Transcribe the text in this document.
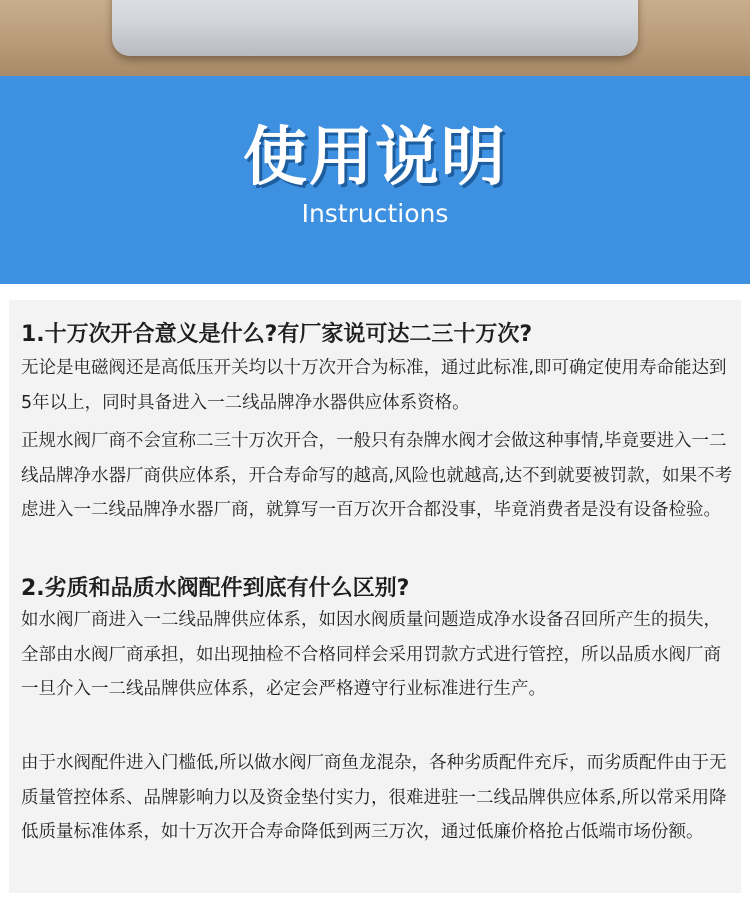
使用说明
Instructions
1.十万次开合意义是什么?有厂家说可达二三十万次?

无论是电磁阀还是高低压开关均以十万次开合为标准，通过此标准,即可确定使用寿命能达到5年以上，同时具备进入一二线品牌净水器供应体系资格。

正规水阀厂商不会宣称二三十万次开合，一般只有杂牌水阀才会做这种事情,毕竟要进入一二线品牌净水器厂商供应体系，开合寿命写的越高,风险也就越高,达不到就要被罚款，如果不考虑进入一二线品牌净水器厂商，就算写一百万次开合都没事，毕竟消费者是没有设备检验。

2.劣质和品质水阀配件到底有什么区别?

如水阀厂商进入一二线品牌供应体系，如因水阀质量问题造成净水设备召回所产生的损失，全部由水阀厂商承担，如出现抽检不合格同样会采用罚款方式进行管控，所以品质水阀厂商一旦介入一二线品牌供应体系，必定会严格遵守行业标准进行生产。

由于水阀配件进入门槛低,所以做水阀厂商鱼龙混杂，各种劣质配件充斥，而劣质配件由于无质量管控体系、品牌影响力以及资金垫付实力，很难进驻一二线品牌供应体系,所以常采用降低质量标准体系，如十万次开合寿命降低到两三万次，通过低廉价格抢占低端市场份额。
